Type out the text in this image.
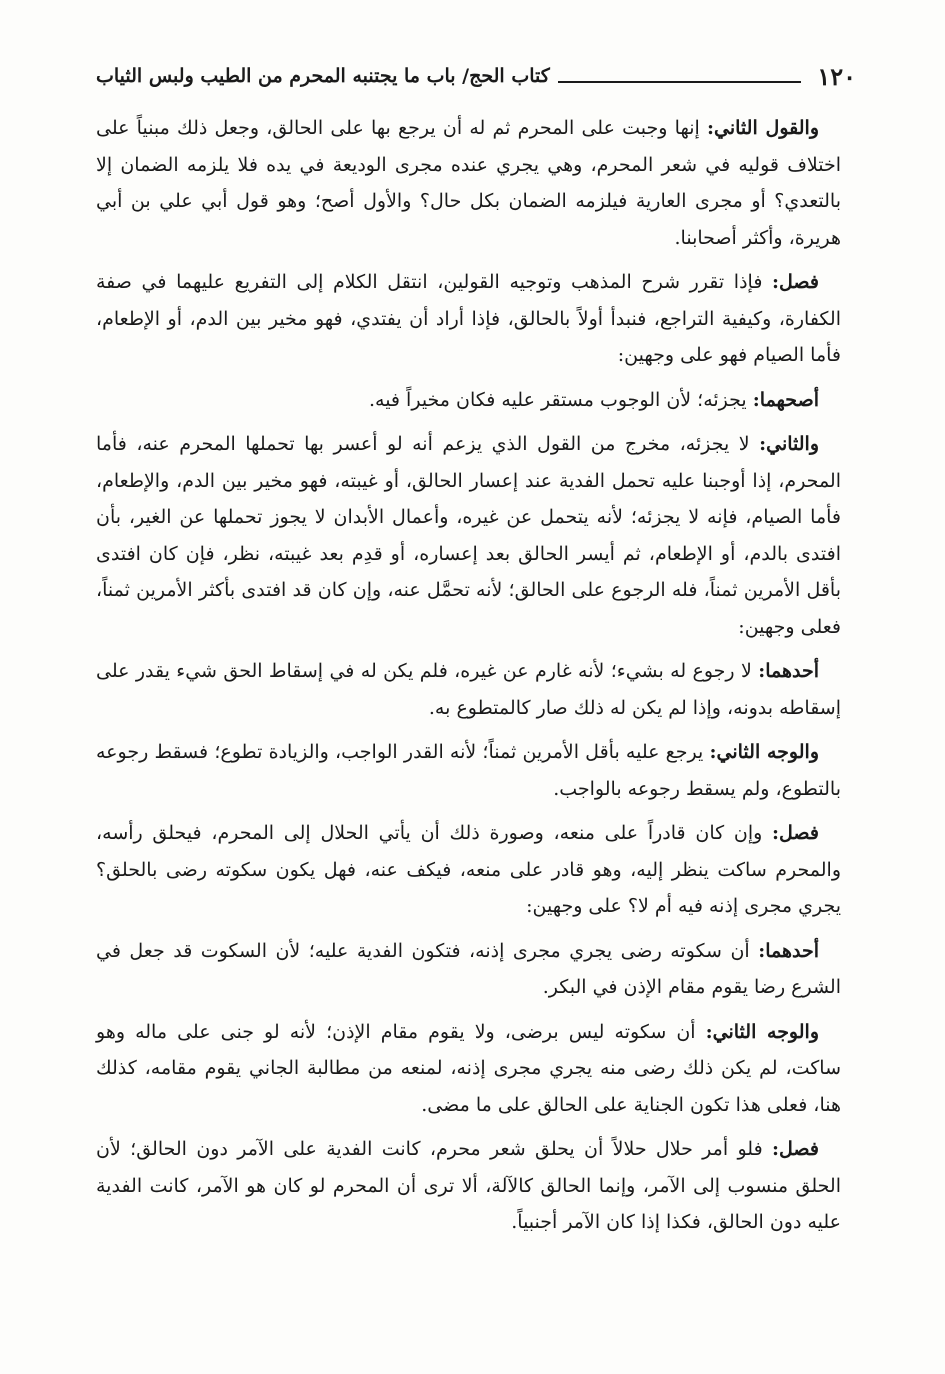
١٢٠
كتاب الحج/ باب ما يجتنبه المحرم من الطيب ولبس الثياب

والقول الثاني: إنها وجبت على المحرم ثم له أن يرجع بها على الحالق، وجعل ذلك مبنياً على اختلاف قوليه في شعر المحرم، وهي يجري عنده مجرى الوديعة في يده فلا يلزمه الضمان إلا بالتعدي؟ أو مجرى العارية فيلزمه الضمان بكل حال؟ والأول أصح؛ وهو قول أبي علي بن أبي هريرة، وأكثر أصحابنا.

فصل: فإذا تقرر شرح المذهب وتوجيه القولين، انتقل الكلام إلى التفريع عليهما في صفة الكفارة، وكيفية التراجع، فنبدأ أولاً بالحالق، فإذا أراد أن يفتدي، فهو مخير بين الدم، أو الإطعام، فأما الصيام فهو على وجهين:

أصحهما: يجزئه؛ لأن الوجوب مستقر عليه فكان مخيراً فيه.

والثاني: لا يجزئه، مخرج من القول الذي يزعم أنه لو أعسر بها تحملها المحرم عنه، فأما المحرم، إذا أوجبنا عليه تحمل الفدية عند إعسار الحالق، أو غيبته، فهو مخير بين الدم، والإطعام، فأما الصيام، فإنه لا يجزئه؛ لأنه يتحمل عن غيره، وأعمال الأبدان لا يجوز تحملها عن الغير، بأن افتدى بالدم، أو الإطعام، ثم أيسر الحالق بعد إعساره، أو قدِم بعد غيبته، نظر، فإن كان افتدى بأقل الأمرين ثمناً، فله الرجوع على الحالق؛ لأنه تحمَّل عنه، وإن كان قد افتدى بأكثر الأمرين ثمناً، فعلى وجهين:

أحدهما: لا رجوع له بشيء؛ لأنه غارم عن غيره، فلم يكن له في إسقاط الحق شيء يقدر على إسقاطه بدونه، وإذا لم يكن له ذلك صار كالمتطوع به.

والوجه الثاني: يرجع عليه بأقل الأمرين ثمناً؛ لأنه القدر الواجب، والزيادة تطوع؛ فسقط رجوعه بالتطوع، ولم يسقط رجوعه بالواجب.

فصل: وإن كان قادراً على منعه، وصورة ذلك أن يأتي الحلال إلى المحرم، فيحلق رأسه، والمحرم ساكت ينظر إليه، وهو قادر على منعه، فيكف عنه، فهل يكون سكوته رضى بالحلق؟ يجري مجرى إذنه فيه أم لا؟ على وجهين:

أحدهما: أن سكوته رضى يجري مجرى إذنه، فتكون الفدية عليه؛ لأن السكوت قد جعل في الشرع رضا يقوم مقام الإذن في البكر.

والوجه الثاني: أن سكوته ليس برضى، ولا يقوم مقام الإذن؛ لأنه لو جنى على ماله وهو ساكت، لم يكن ذلك رضى منه يجري مجرى إذنه، لمنعه من مطالبة الجاني يقوم مقامه، كذلك هنا، فعلى هذا تكون الجناية على الحالق على ما مضى.

فصل: فلو أمر حلال حلالاً أن يحلق شعر محرم، كانت الفدية على الآمر دون الحالق؛ لأن الحلق منسوب إلى الآمر، وإنما الحالق كالآلة، ألا ترى أن المحرم لو كان هو الآمر، كانت الفدية عليه دون الحالق، فكذا إذا كان الآمر أجنبياً.
